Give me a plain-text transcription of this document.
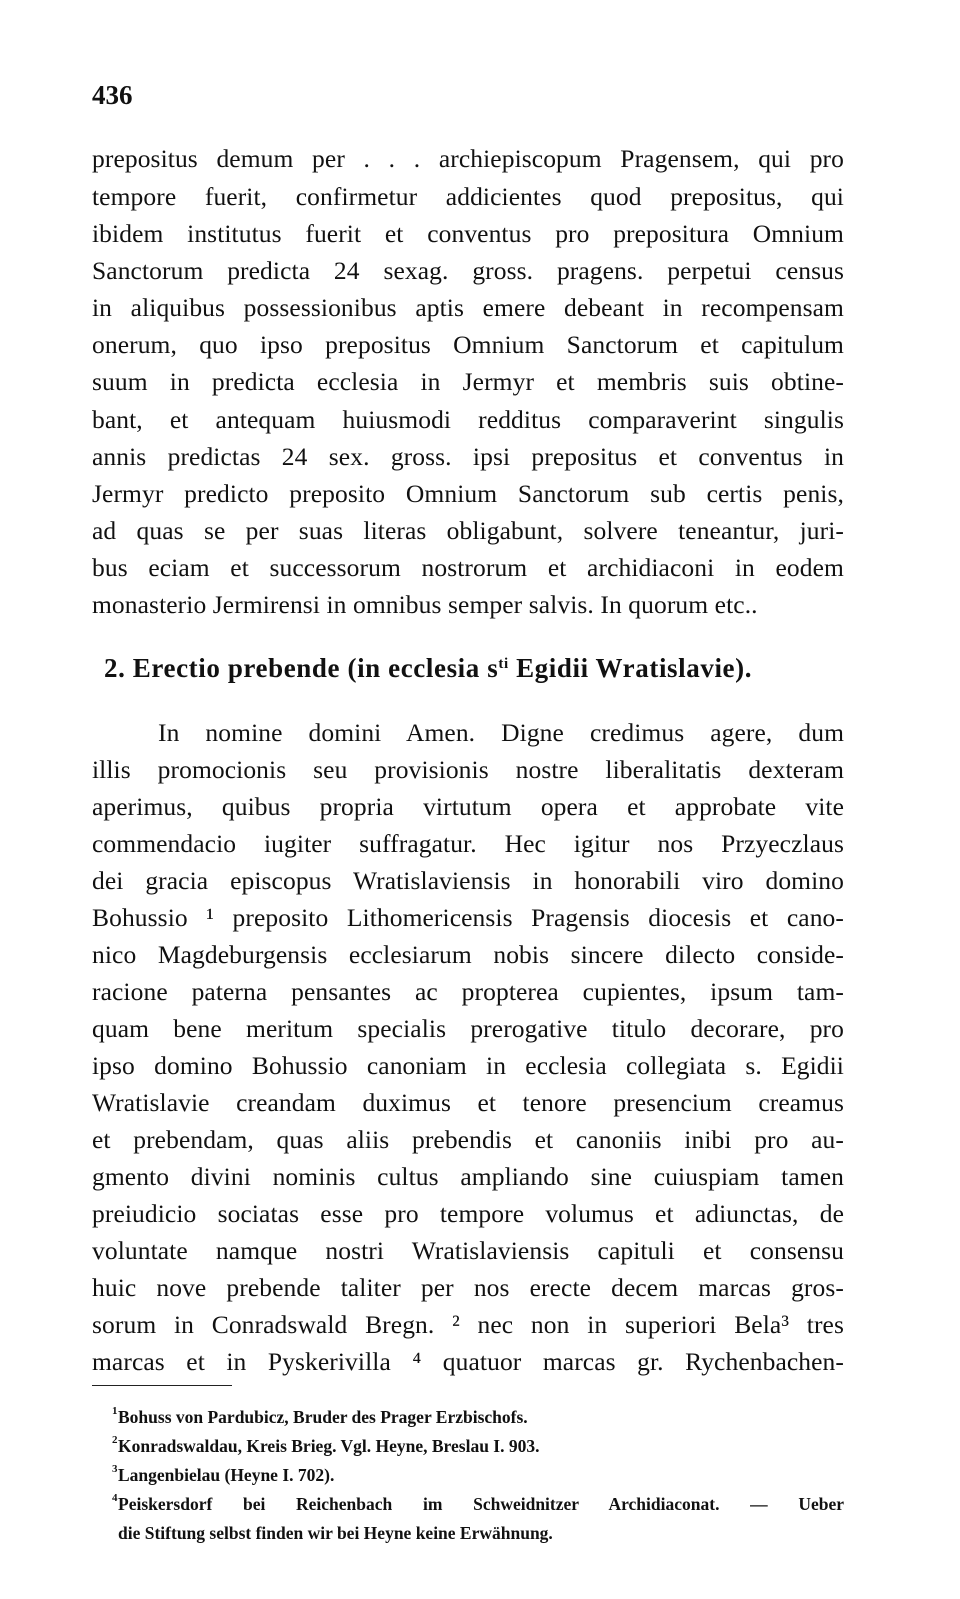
436
prepositus demum per . . . archiepiscopum Pragensem, qui pro
tempore fuerit, confirmetur addicientes quod prepositus, qui
ibidem institutus fuerit et conventus pro prepositura Omnium
Sanctorum predicta 24 sexag. gross. pragens. perpetui census
in aliquibus possessionibus aptis emere debeant in recompensam
onerum, quo ipso prepositus Omnium Sanctorum et capitulum
suum in predicta ecclesia in Jermyr et membris suis obtine-
bant, et antequam huiusmodi redditus comparaverint singulis
annis predictas 24 sex. gross. ipsi prepositus et conventus in
Jermyr predicto preposito Omnium Sanctorum sub certis penis,
ad quas se per suas literas obligabunt, solvere teneantur, juri-
bus eciam et successorum nostrorum et archidiaconi in eodem
monasterio Jermirensi in omnibus semper salvis. In quorum etc..
2. Erectio prebende (in ecclesia $s^{ti}$ Egidii Wratislavie).
In nomine domini Amen. Digne credimus agere, dum
illis promocionis seu provisionis nostre liberalitatis dexteram
aperimus, quibus propria virtutum opera et approbate vite
commendacio iugiter suffragatur. Hec igitur nos Przyeczlaus
dei gracia episcopus Wratislaviensis in honorabili viro domino
Bohussio ¹ preposito Lithomericensis Pragensis diocesis et cano-
nico Magdeburgensis ecclesiarum nobis sincere dilecto conside-
racione paterna pensantes ac propterea cupientes, ipsum tam-
quam bene meritum specialis prerogative titulo decorare, pro
ipso domino Bohussio canoniam in ecclesia collegiata s. Egidii
Wratislavie creandam duximus et tenore presencium creamus
et prebendam, quas aliis prebendis et canoniis inibi pro au-
gmento divini nominis cultus ampliando sine cuiuspiam tamen
preiudicio sociatas esse pro tempore volumus et adiunctas, de
voluntate namque nostri Wratislaviensis capituli et consensu
huic nove prebende taliter per nos erecte decem marcas gros-
sorum in Conradswald Bregn. ² nec non in superiori Bela³ tres
marcas et in Pyskerivilla ⁴ quatuor marcas gr. Rychenbachen-
1 Bohuss von Pardubicz, Bruder des Prager Erzbischofs.
2 Konradswaldau, Kreis Brieg. Vgl. Heyne, Breslau I. 903.
3 Langenbielau (Heyne I. 702).
4 Peiskersdorf bei Reichenbach im Schweidnitzer Archidiaconat. — Ueber
die Stiftung selbst finden wir bei Heyne keine Erwähnung.
